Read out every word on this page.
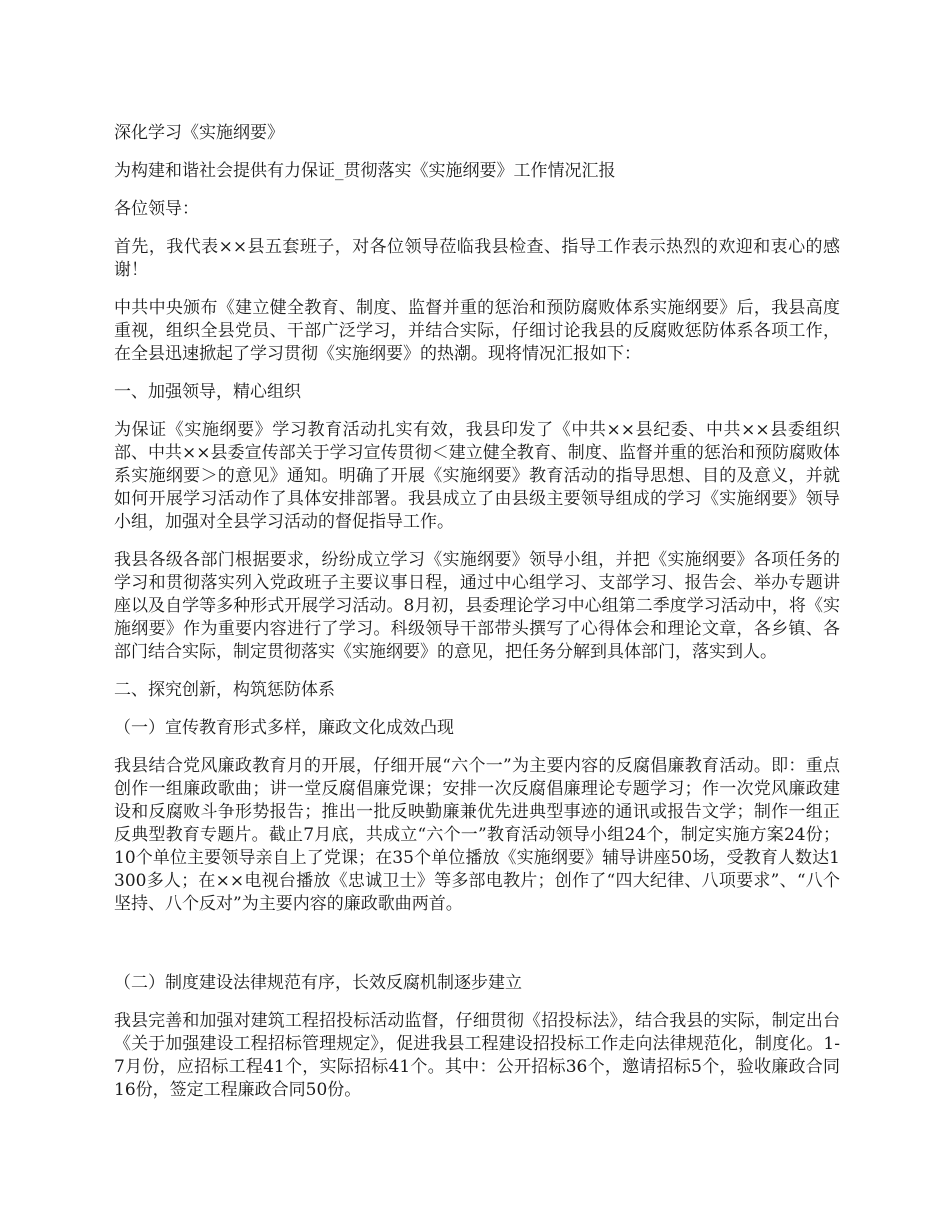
深化学习《实施纲要》

为构建和谐社会提供有力保证_贯彻落实《实施纲要》工作情况汇报

各位领导：

首先，我代表××县五套班子，对各位领导莅临我县检查、指导工作表示热烈的欢迎和衷心的感谢！

中共中央颁布《建立健全教育、制度、监督并重的惩治和预防腐败体系实施纲要》后，我县高度重视，组织全县党员、干部广泛学习，并结合实际，仔细讨论我县的反腐败惩防体系各项工作，在全县迅速掀起了学习贯彻《实施纲要》的热潮。现将情况汇报如下：

一、加强领导，精心组织

为保证《实施纲要》学习教育活动扎实有效，我县印发了《中共××县纪委、中共××县委组织部、中共××县委宣传部关于学习宣传贯彻＜建立健全教育、制度、监督并重的惩治和预防腐败体系实施纲要＞的意见》通知。明确了开展《实施纲要》教育活动的指导思想、目的及意义，并就如何开展学习活动作了具体安排部署。我县成立了由县级主要领导组成的学习《实施纲要》领导小组，加强对全县学习活动的督促指导工作。

我县各级各部门根据要求，纷纷成立学习《实施纲要》领导小组，并把《实施纲要》各项任务的学习和贯彻落实列入党政班子主要议事日程，通过中心组学习、支部学习、报告会、举办专题讲座以及自学等多种形式开展学习活动。8月初，县委理论学习中心组第二季度学习活动中，将《实施纲要》作为重要内容进行了学习。科级领导干部带头撰写了心得体会和理论文章，各乡镇、各部门结合实际，制定贯彻落实《实施纲要》的意见，把任务分解到具体部门，落实到人。

二、探究创新，构筑惩防体系

（一）宣传教育形式多样，廉政文化成效凸现

我县结合党风廉政教育月的开展，仔细开展“六个一”为主要内容的反腐倡廉教育活动。即：重点创作一组廉政歌曲；讲一堂反腐倡廉党课；安排一次反腐倡廉理论专题学习；作一次党风廉政建设和反腐败斗争形势报告；推出一批反映勤廉兼优先进典型事迹的通讯或报告文学；制作一组正反典型教育专题片。截止7月底，共成立“六个一”教育活动领导小组24个，制定实施方案24份；10个单位主要领导亲自上了党课；在35个单位播放《实施纲要》辅导讲座50场，受教育人数达1300多人；在××电视台播放《忠诚卫士》等多部电教片；创作了“四大纪律、八项要求”、“八个坚持、八个反对”为主要内容的廉政歌曲两首。

（二）制度建设法律规范有序，长效反腐机制逐步建立

我县完善和加强对建筑工程招投标活动监督，仔细贯彻《招投标法》，结合我县的实际，制定出台《关于加强建设工程招标管理规定》，促进我县工程建设招投标工作走向法律规范化，制度化。1-7月份，应招标工程41个，实际招标41个。其中：公开招标36个，邀请招标5个，验收廉政合同16份，签定工程廉政合同50份。
